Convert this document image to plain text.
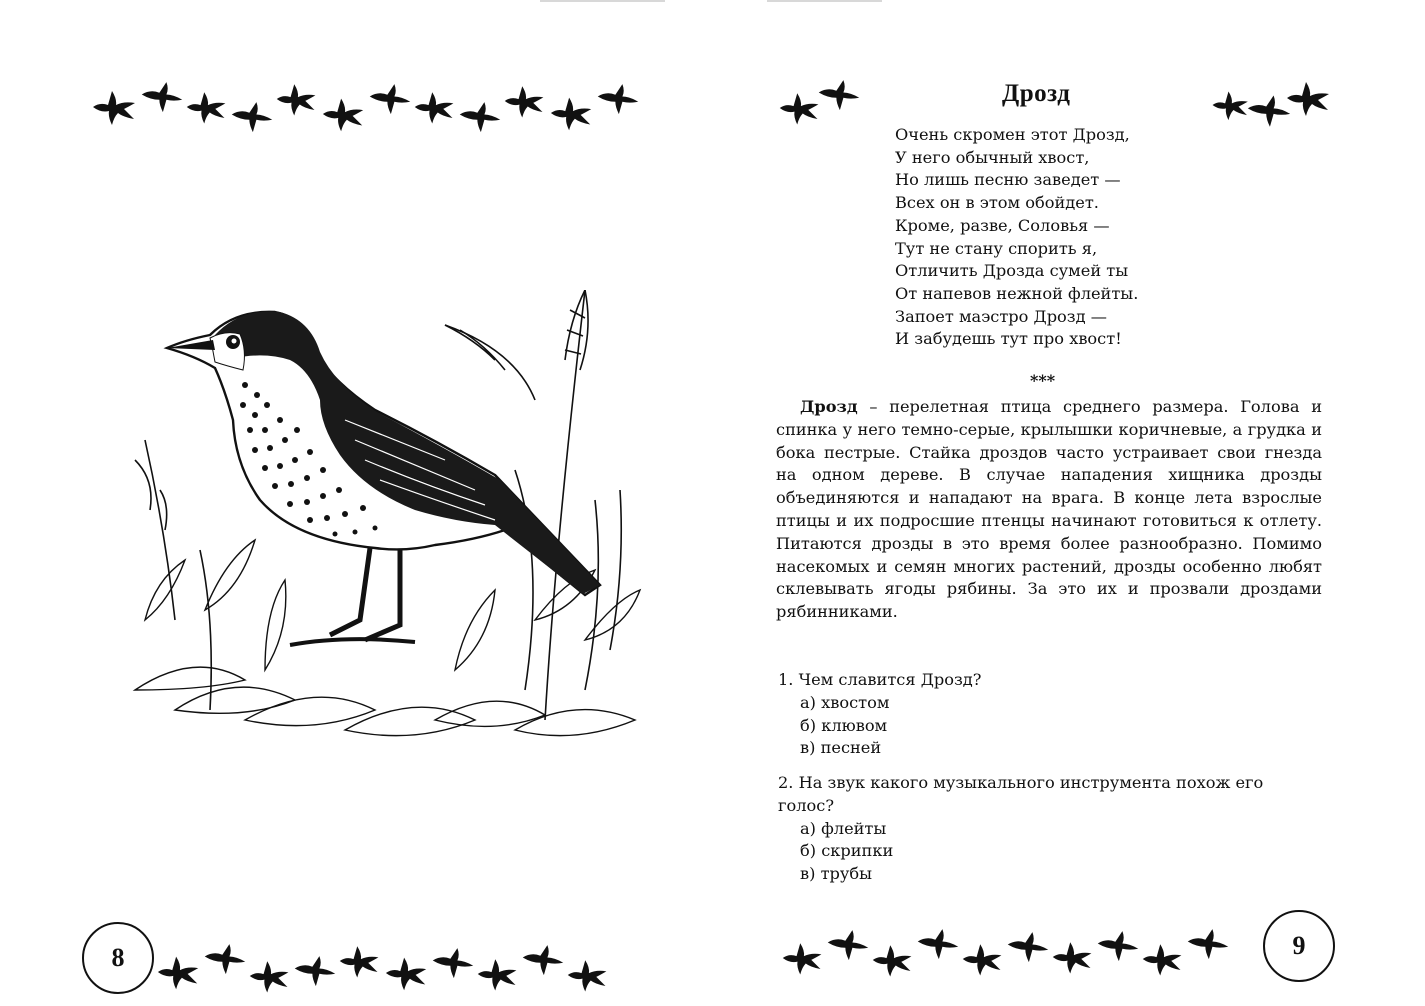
8
Дрозд
Очень скромен этот Дрозд,
У него обычный хвост,
Но лишь песню заведет —
Всех он в этом обойдет.
Кроме, разве, Соловья —
Тут не стану спорить я,
Отличить Дрозда сумей ты
От напевов нежной флейты.
Запоет маэстро Дрозд —
И забудешь тут про хвост!
***
Дрозд – перелетная птица среднего размера. Голова и спинка у него темно-серые, крылышки коричневые, а грудка и бока пестрые. Стайка дроздов часто устраивает свои гнезда на одном дереве. В случае нападения хищника дрозды объединяются и нападают на врага. В конце лета взрослые птицы и их подросшие птенцы начинают готовиться к отлету. Питаются дрозды в это время более разнообразно. Помимо насекомых и семян многих растений, дрозды особенно любят склевывать ягоды рябины. За это их и прозвали дроздами рябинниками.
1. Чем славится Дрозд?
а) хвостом
б) клювом
в) песней
2. На звук какого музыкального инструмента похож его голос?
а) флейты
б) скрипки
в) трубы
9
